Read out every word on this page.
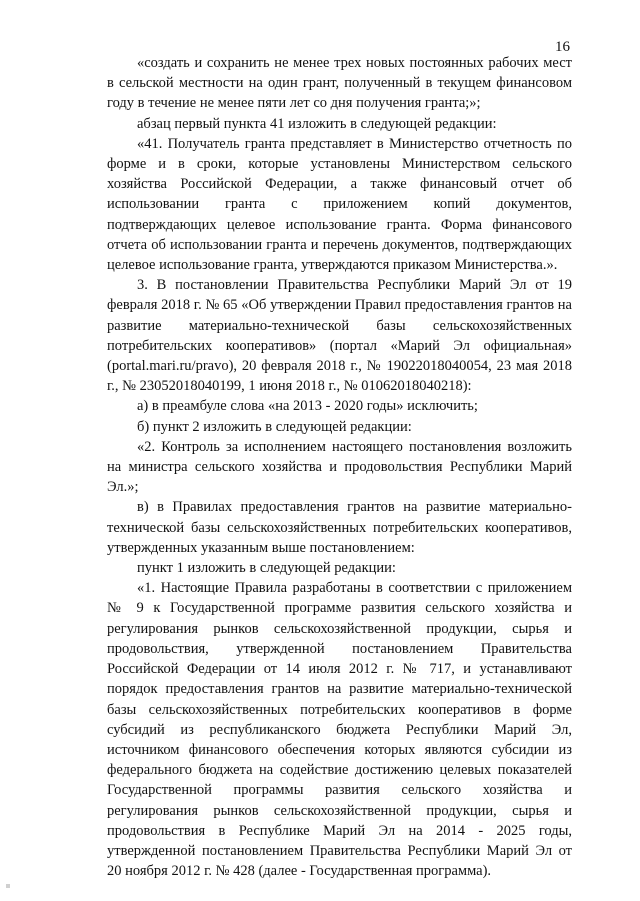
16

«создать и сохранить не менее трех новых постоянных рабочих мест в сельской местности на один грант, полученный в текущем финансовом году в течение не менее пяти лет со дня получения гранта;»;

абзац первый пункта 41 изложить в следующей редакции:

«41. Получатель гранта представляет в Министерство отчетность по форме и в сроки, которые установлены Министерством сельского хозяйства Российской Федерации, а также финансовый отчет об использовании гранта с приложением копий документов, подтверждающих целевое использование гранта. Форма финансового отчета об использовании гранта и перечень документов, подтверждающих целевое использование гранта, утверждаются приказом Министерства.».

3. В постановлении Правительства Республики Марий Эл от 19 февраля 2018 г. № 65 «Об утверждении Правил предоставления грантов на развитие материально-технической базы сельскохозяйственных потребительских кооперативов» (портал «Марий Эл официальная» (portal.mari.ru/pravo), 20 февраля 2018 г., № 19022018040054, 23 мая 2018 г., № 23052018040199, 1 июня 2018 г., № 01062018040218):

а) в преамбуле слова «на 2013 - 2020 годы» исключить;

б) пункт 2 изложить в следующей редакции:

«2. Контроль за исполнением настоящего постановления возложить на министра сельского хозяйства и продовольствия Республики Марий Эл.»;

в) в Правилах предоставления грантов на развитие материально-технической базы сельскохозяйственных потребительских кооперативов, утвержденных указанным выше постановлением:

пункт 1 изложить в следующей редакции:

«1. Настоящие Правила разработаны в соответствии с приложением № 9 к Государственной программе развития сельского хозяйства и регулирования рынков сельскохозяйственной продукции, сырья и продовольствия, утвержденной постановлением Правительства Российской Федерации от 14 июля 2012 г. № 717, и устанавливают порядок предоставления грантов на развитие материально-технической базы сельскохозяйственных потребительских кооперативов в форме субсидий из республиканского бюджета Республики Марий Эл, источником финансового обеспечения которых являются субсидии из федерального бюджета на содействие достижению целевых показателей Государственной программы развития сельского хозяйства и регулирования рынков сельскохозяйственной продукции, сырья и продовольствия в Республике Марий Эл на 2014 - 2025 годы, утвержденной постановлением Правительства Республики Марий Эл от 20 ноября 2012 г. № 428 (далее - Государственная программа).
